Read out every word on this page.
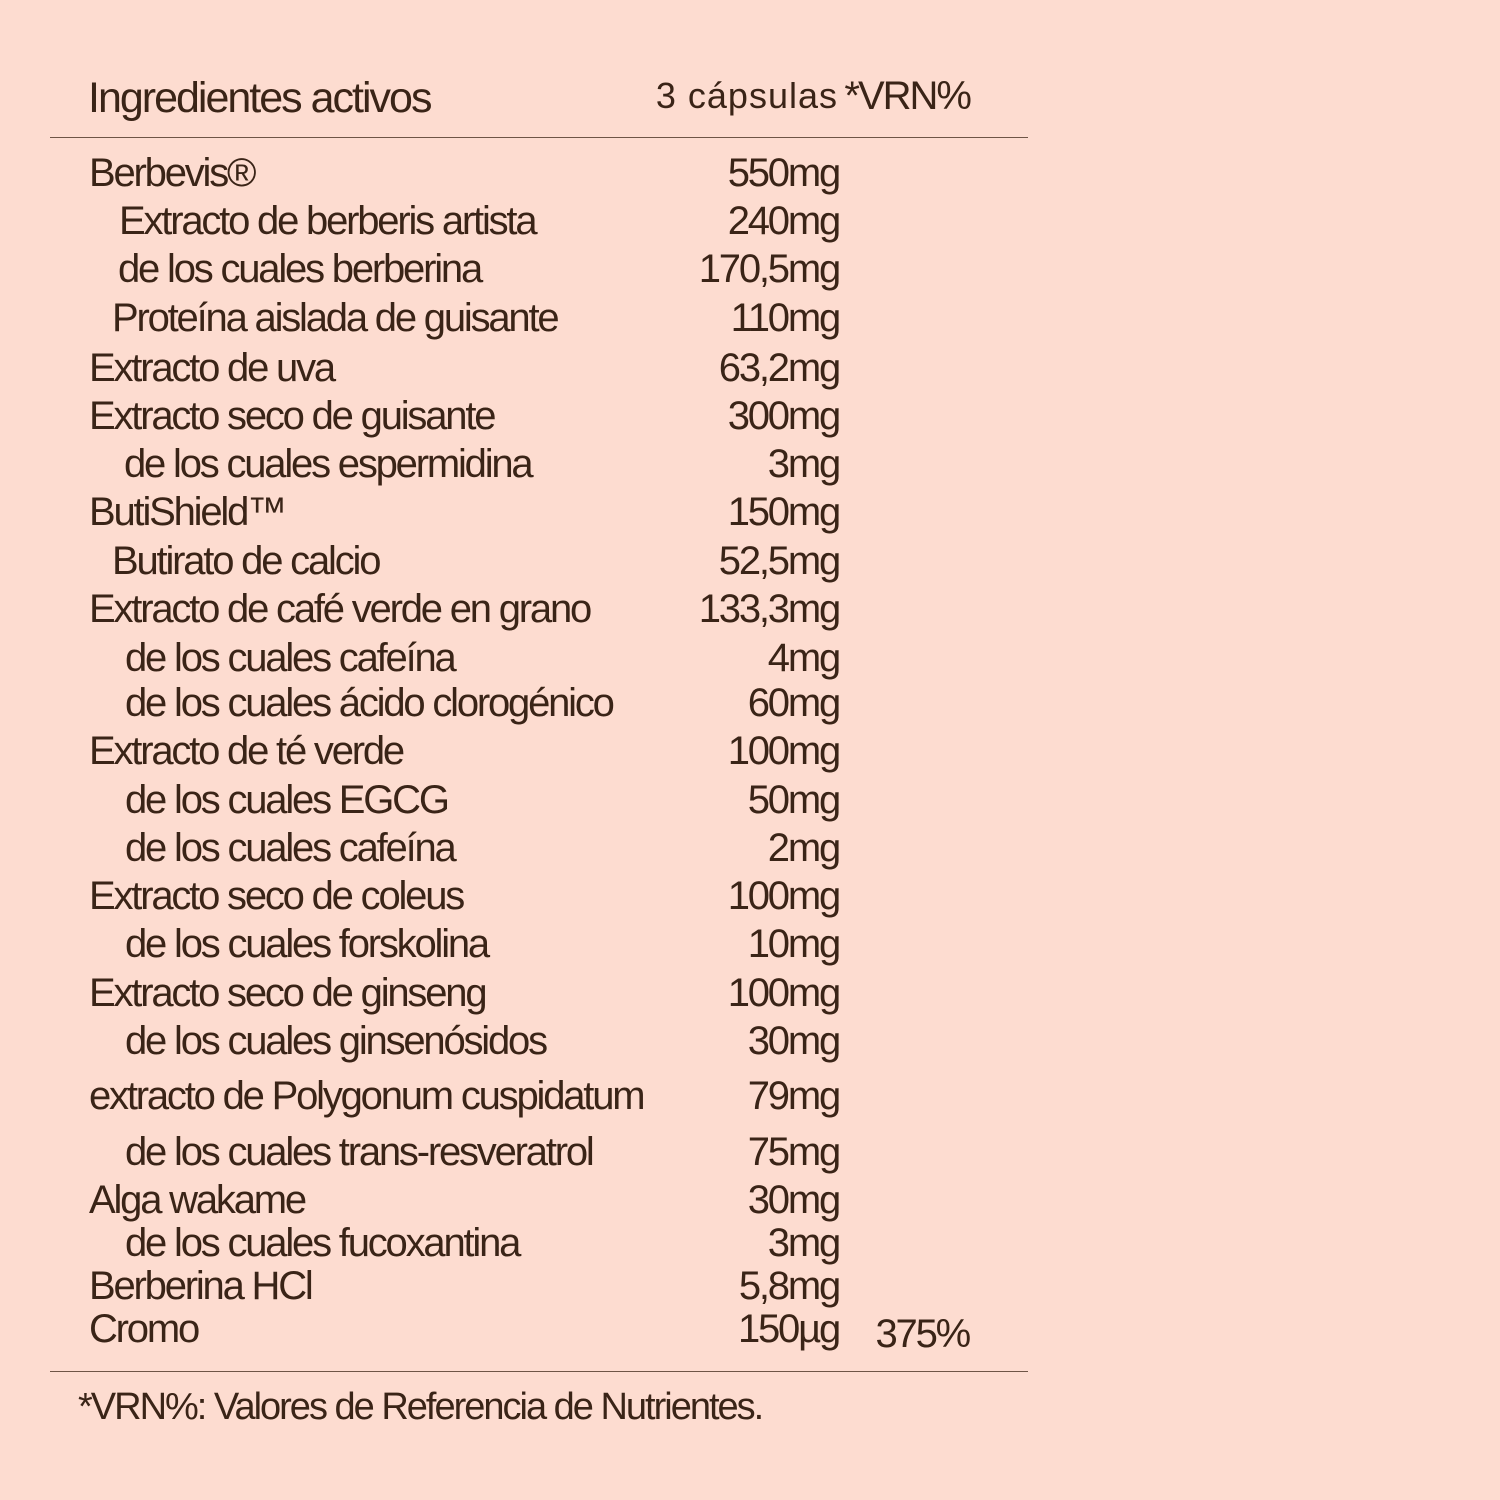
Ingredientes activos	3 cápsulas *VRN%
Berbevis®	550mg
Extracto de berberis artista	240mg
de los cuales berberina	170,5mg
Proteína aislada de guisante	110mg
Extracto de uva	63,2mg
Extracto seco de guisante	300mg
de los cuales espermidina	3mg
ButiShield™	150mg
Butirato de calcio	52,5mg
Extracto de café verde en grano	133,3mg
de los cuales cafeína	4mg
de los cuales ácido clorogénico	60mg
Extracto de té verde	100mg
de los cuales EGCG	50mg
de los cuales cafeína	2mg
Extracto seco de coleus	100mg
de los cuales forskolina	10mg
Extracto seco de ginseng	100mg
de los cuales ginsenósidos	30mg
extracto de Polygonum cuspidatum	79mg
de los cuales trans-resveratrol	75mg
Alga wakame	30mg
de los cuales fucoxantina	3mg
Berberina HCl	5,8mg
Cromo	150µg 375%
*VRN%: Valores de Referencia de Nutrientes.
